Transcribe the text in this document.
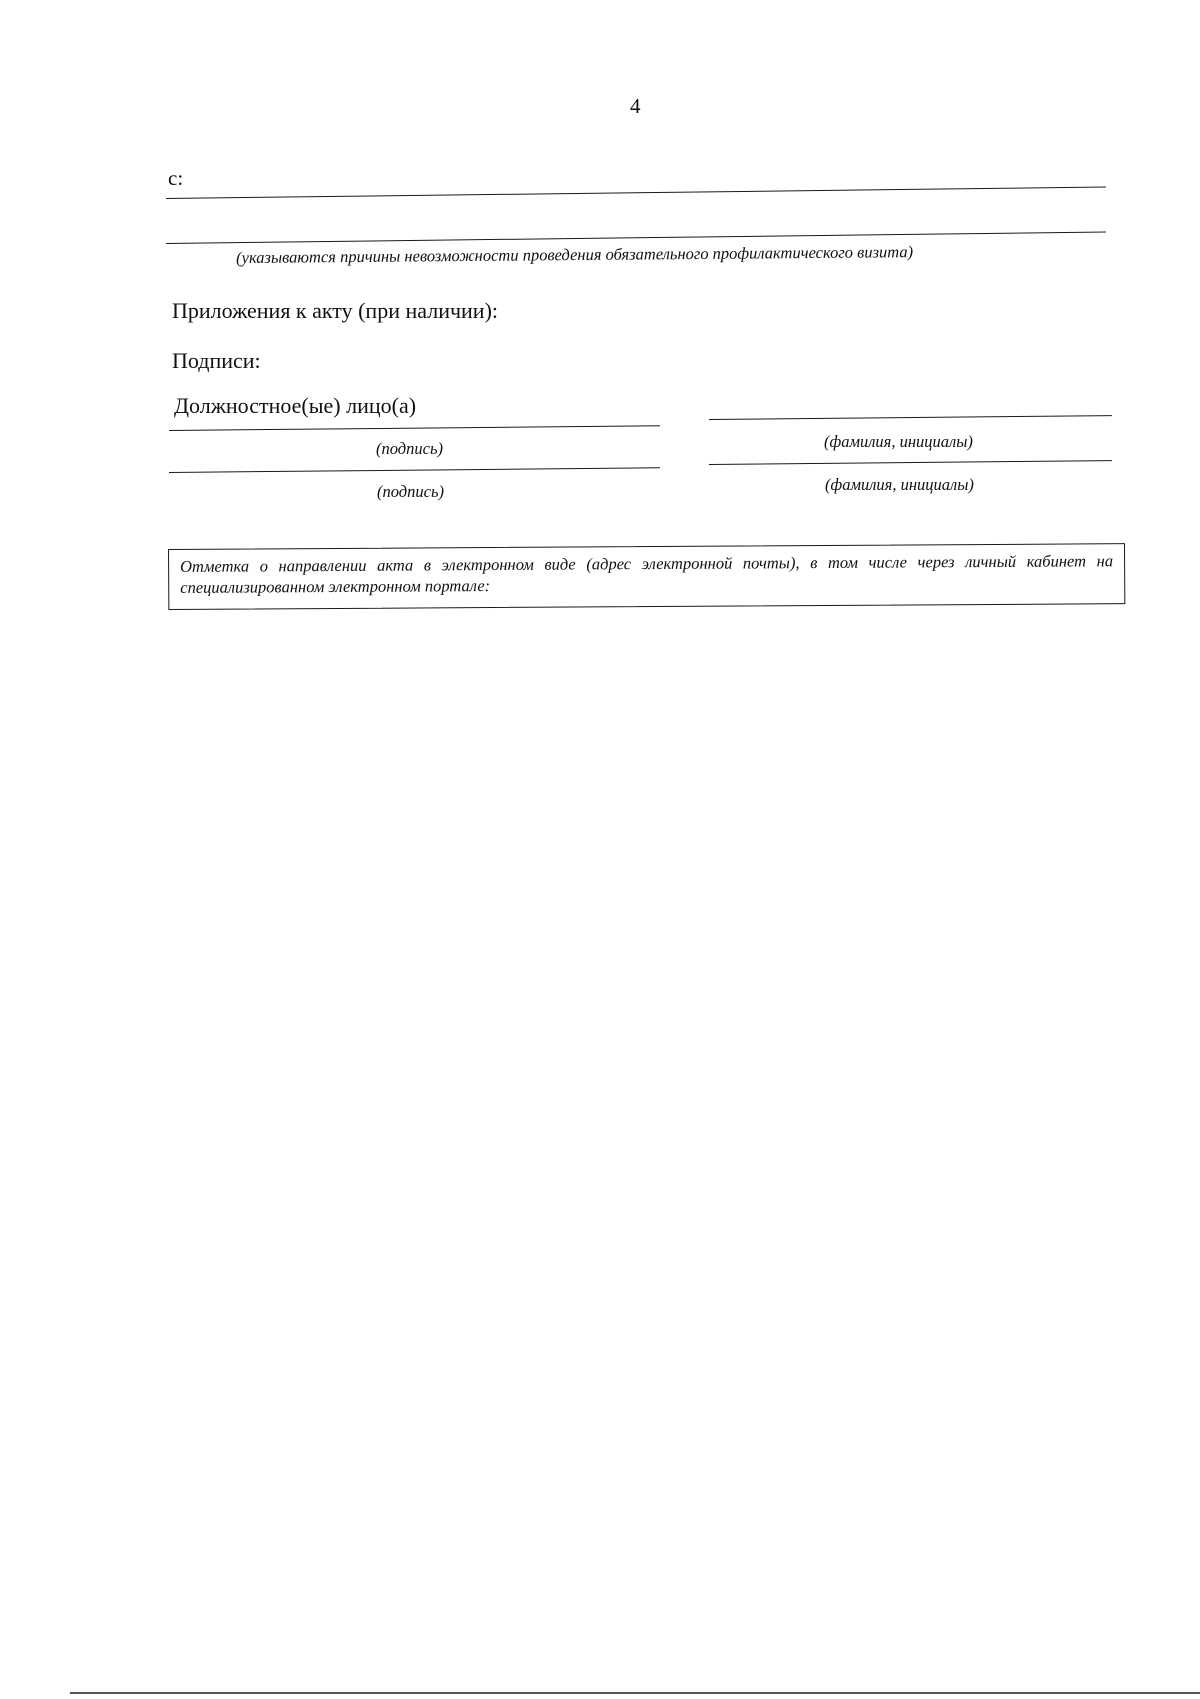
4
с:
(указываются причины невозможности проведения обязательного профилактического визита)
Приложения к акту (при наличии):
Подписи:
Должностное(ые) лицо(а)
(подпись)	(фамилия, инициалы)
(подпись)	(фамилия, инициалы)
Отметка о направлении акта в электронном виде (адрес электронной почты), в том числе через личный кабинет на специализированном электронном портале:
